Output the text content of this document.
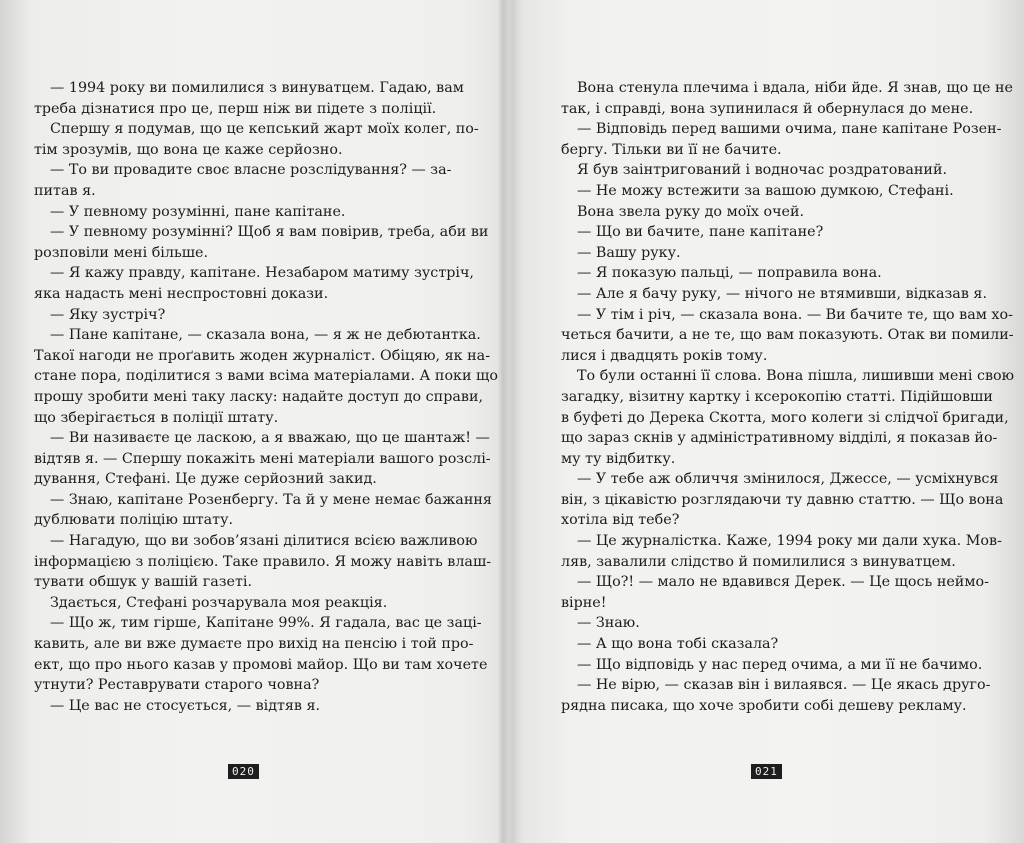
— 1994 року ви помилилися з винуватцем. Гадаю, вам
треба дізнатися про це, перш ніж ви підете з поліції.
Спершу я подумав, що це кепський жарт моїх колег, по-
тім зрозумів, що вона це каже серйозно.
— То ви провадите своє власне розслідування? — за-
питав я.
— У певному розумінні, пане капітане.
— У певному розумінні? Щоб я вам повірив, треба, аби ви
розповіли мені більше.
— Я кажу правду, капітане. Незабаром матиму зустріч,
яка надасть мені неспростовні докази.
— Яку зустріч?
— Пане капітане, — сказала вона, — я ж не дебютантка.
Такої нагоди не проґавить жоден журналіст. Обіцяю, як на-
стане пора, поділитися з вами всіма матеріалами. А поки що
прошу зробити мені таку ласку: надайте доступ до справи,
що зберігається в поліції штату.
— Ви називаєте це ласкою, а я вважаю, що це шантаж! —
відтяв я. — Спершу покажіть мені матеріали вашого розслі-
дування, Стефані. Це дуже серйозний закид.
— Знаю, капітане Розенбергу. Та й у мене немає бажання
дублювати поліцію штату.
— Нагадую, що ви зобов’язані ділитися всією важливою
інформацією з поліцією. Таке правило. Я можу навіть влаш-
тувати обшук у вашій газеті.
Здається, Стефані розчарувала моя реакція.
— Що ж, тим гірше, Капітане 99%. Я гадала, вас це заці-
кавить, але ви вже думаєте про вихід на пенсію і той про-
ект, що про нього казав у промові майор. Що ви там хочете
утнути? Реставрувати старого човна?
— Це вас не стосується, — відтяв я.
020
Вона стенула плечима і вдала, ніби йде. Я знав, що це не
так, і справді, вона зупинилася й обернулася до мене.
— Відповідь перед вашими очима, пане капітане Розен-
бергу. Тільки ви її не бачите.
Я був заінтригований і водночас роздратований.
— Не можу встежити за вашою думкою, Стефані.
Вона звела руку до моїх очей.
— Що ви бачите, пане капітане?
— Вашу руку.
— Я показую пальці, — поправила вона.
— Але я бачу руку, — нічого не втямивши, відказав я.
— У тім і річ, — сказала вона. — Ви бачите те, що вам хо-
четься бачити, а не те, що вам показують. Отак ви помили-
лися і двадцять років тому.
То були останні її слова. Вона пішла, лишивши мені свою
загадку, візитну картку і ксерокопію статті. Підійшовши
в буфеті до Дерека Скотта, мого колеги зі слідчої бригади,
що зараз скнів у адміністративному відділі, я показав йо-
му ту відбитку.
— У тебе аж обличчя змінилося, Джессе, — усміхнувся
він, з цікавістю розглядаючи ту давню статтю. — Що вона
хотіла від тебе?
— Це журналістка. Каже, 1994 року ми дали хука. Мов-
ляв, завалили слідство й помилилися з винуватцем.
— Що?! — мало не вдавився Дерек. — Це щось неймо-
вірне!
— Знаю.
— А що вона тобі сказала?
— Що відповідь у нас перед очима, а ми її не бачимо.
— Не вірю, — сказав він і вилаявся. — Це якась друго-
рядна писака, що хоче зробити собі дешеву рекламу.
021
